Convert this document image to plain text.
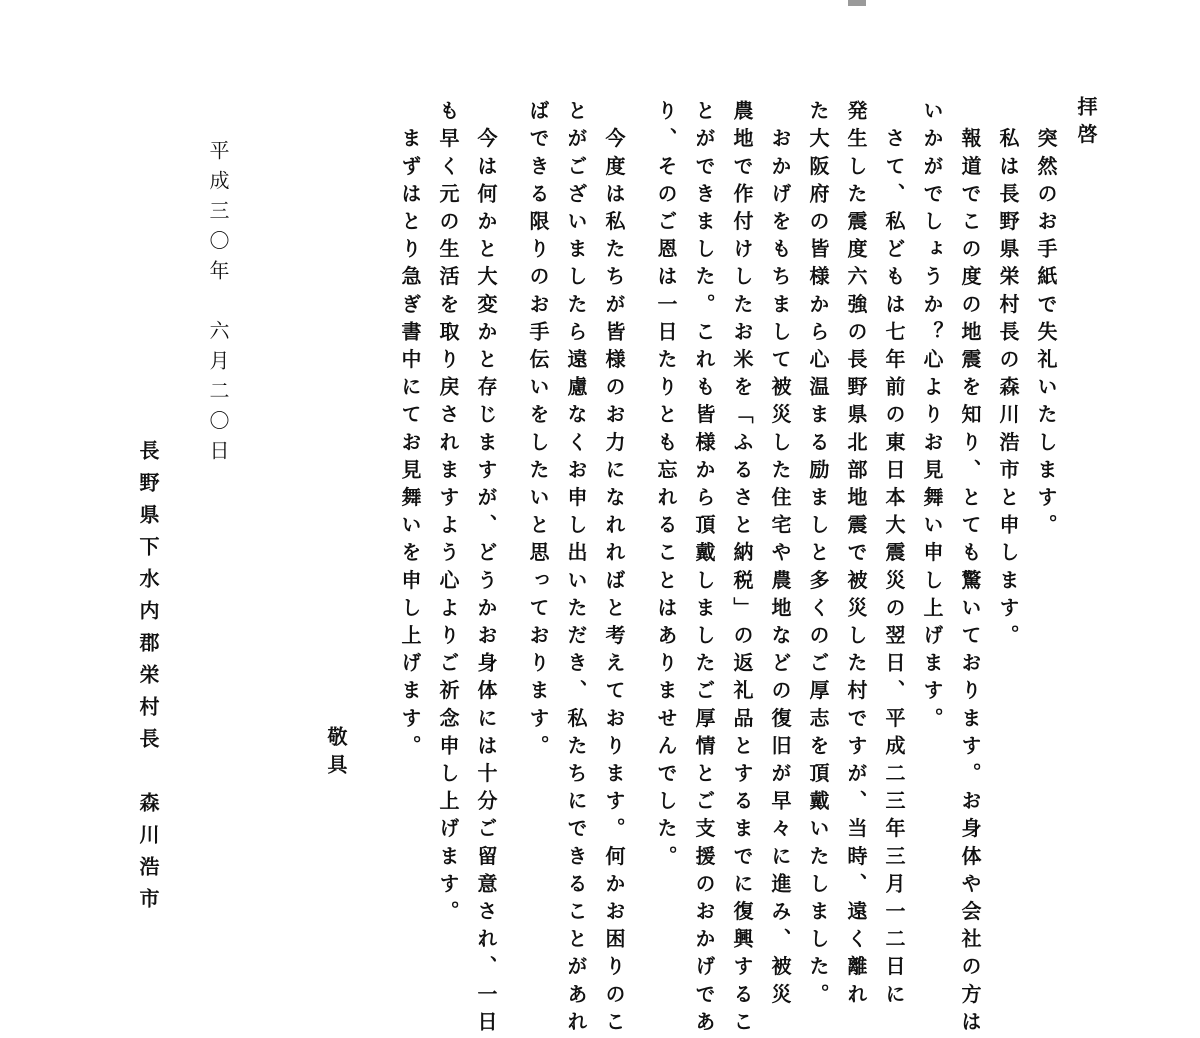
拝啓
　突然のお手紙で失礼いたします。
　私は長野県栄村長の森川浩市と申します。
　報道でこの度の地震を知り、とても驚いております。お身体や会社の方は
いかがでしょうか？心よりお見舞い申し上げます。
　さて、私どもは七年前の東日本大震災の翌日、平成二三年三月一二日に
発生した震度六強の長野県北部地震で被災した村ですが、当時、遠く離れ
た大阪府の皆様から心温まる励ましと多くのご厚志を頂戴いたしました。
　おかげをもちまして被災した住宅や農地などの復旧が早々に進み、被災
農地で作付けしたお米を「ふるさと納税」の返礼品とするまでに復興するこ
とができました。これも皆様から頂戴しましたご厚情とご支援のおかげであ
り、そのご恩は一日たりとも忘れることはありませんでした。
　今度は私たちが皆様のお力になれればと考えております。何かお困りのこ
とがございましたら遠慮なくお申し出いただき、私たちにできることがあれ
ばできる限りのお手伝いをしたいと思っております。
　今は何かと大変かと存じますが、どうかお身体には十分ご留意され、一日
も早く元の生活を取り戻されますよう心よりご祈念申し上げます。
　まずはとり急ぎ書中にてお見舞いを申し上げます。
敬具
平成三〇年　六月二〇日
長野県下水内郡栄村長　森川浩市
